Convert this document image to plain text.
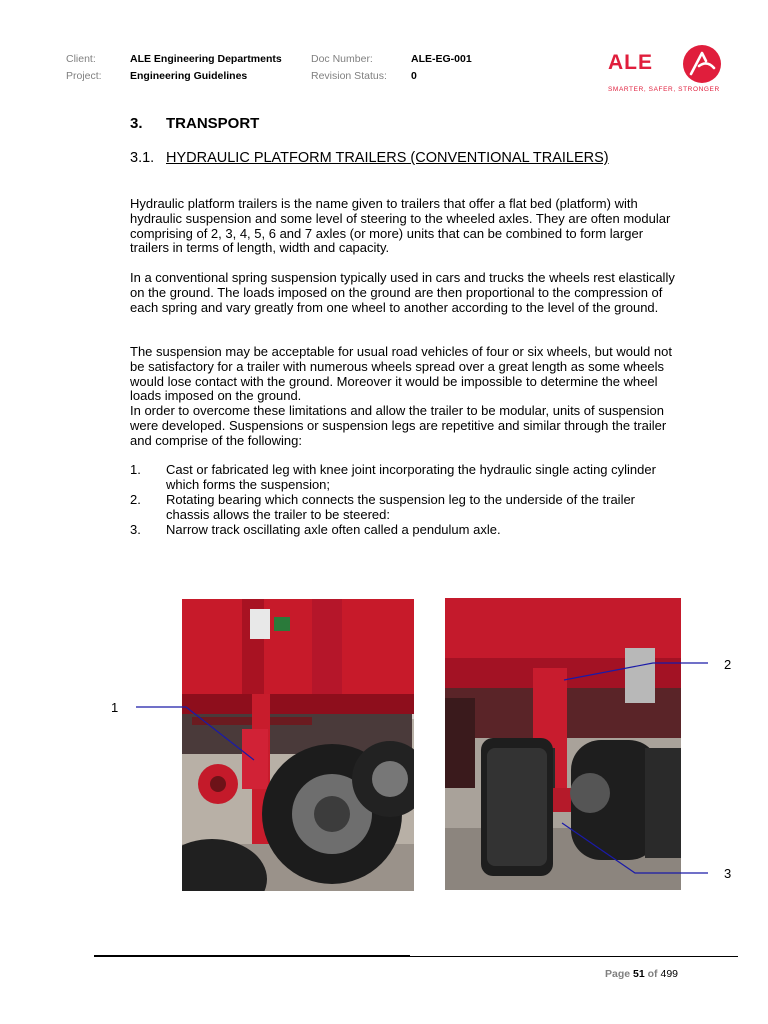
Client:	ALE Engineering Departments
Project:	Engineering Guidelines
Doc Number:	ALE-EG-001
Revision Status: 0
ALE
SMARTER, SAFER, STRONGER
3. TRANSPORT
3.1. HYDRAULIC PLATFORM TRAILERS (CONVENTIONAL TRAILERS)
Hydraulic platform trailers is the name given to trailers that offer a flat bed (platform) with hydraulic suspension and some level of steering to the wheeled axles. They are often modular comprising of 2, 3, 4, 5, 6 and 7 axles (or more) units that can be combined to form larger trailers in terms of length, width and capacity.
In a conventional spring suspension typically used in cars and trucks the wheels rest elastically on the ground. The loads imposed on the ground are then proportional to the compression of each spring and vary greatly from one wheel to another according to the level of the ground.
The suspension may be acceptable for usual road vehicles of four or six wheels, but would not be satisfactory for a trailer with numerous wheels spread over a great length as some wheels would lose contact with the ground. Moreover it would be impossible to determine the wheel loads imposed on the ground.
In order to overcome these limitations and allow the trailer to be modular, units of suspension were developed. Suspensions or suspension legs are repetitive and similar through the trailer and comprise of the following:
1. Cast or fabricated leg with knee joint incorporating the hydraulic single acting cylinder which forms the suspension;
2. Rotating bearing which connects the suspension leg to the underside of the trailer chassis allows the trailer to be steered:
3. Narrow track oscillating axle often called a pendulum axle.
1
2
3
Page 51 of 499
